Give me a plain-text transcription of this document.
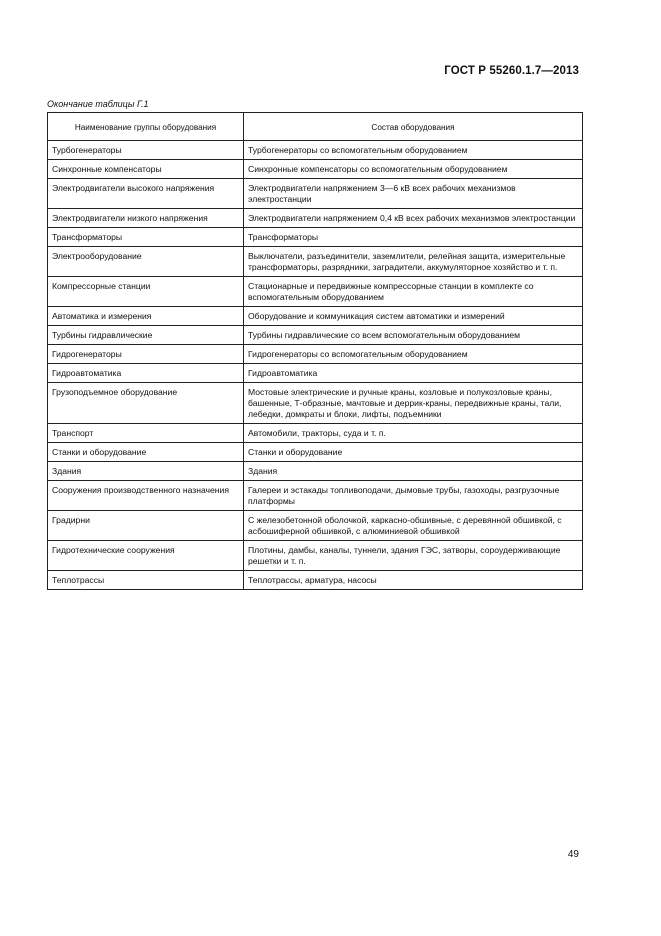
ГОСТ Р 55260.1.7—2013
Окончание таблицы Г.1
Наименование группы оборудования	Состав оборудования
Турбогенераторы	Турбогенераторы со вспомогательным оборудованием
Синхронные компенсаторы	Синхронные компенсаторы со вспомогательным оборудованием
Электродвигатели высокого напряжения	Электродвигатели напряжением 3—6 кВ всех рабочих механизмов электростанции
Электродвигатели низкого напряжения	Электродвигатели напряжением 0,4 кВ всех рабочих механизмов электростанции
Трансформаторы	Трансформаторы
Электрооборудование	Выключатели, разъединители, заземлители, релейная защита, измерительные трансформаторы, разрядники, заградители, аккумуляторное хозяйство и т. п.
Компрессорные станции	Стационарные и передвижные компрессорные станции в комплекте со вспомогательным оборудованием
Автоматика и измерения	Оборудование и коммуникация систем автоматики и измерений
Турбины гидравлические	Турбины гидравлические со всем вспомогательным оборудованием
Гидрогенераторы	Гидрогенераторы со вспомогательным оборудованием
Гидроавтоматика	Гидроавтоматика
Грузоподъемное оборудование	Мостовые электрические и ручные краны, козловые и полукозловые краны, башенные, Т-образные, мачтовые и деррик-краны, передвижные краны, тали, лебедки, домкраты и блоки, лифты, подъемники
Транспорт	Автомобили, тракторы, суда и т. п.
Станки и оборудование	Станки и оборудование
Здания	Здания
Сооружения производственного назначения	Галереи и эстакады топливоподачи, дымовые трубы, газоходы, разгрузочные платформы
Градирни	С железобетонной оболочкой, каркасно-обшивные, с деревянной обшивкой, с асбошиферной обшивкой, с алюминиевой обшивкой
Гидротехнические сооружения	Плотины, дамбы, каналы, туннели, здания ГЭС, затворы, сороудерживающие решетки и т. п.
Теплотрассы	Теплотрассы, арматура, насосы
49
